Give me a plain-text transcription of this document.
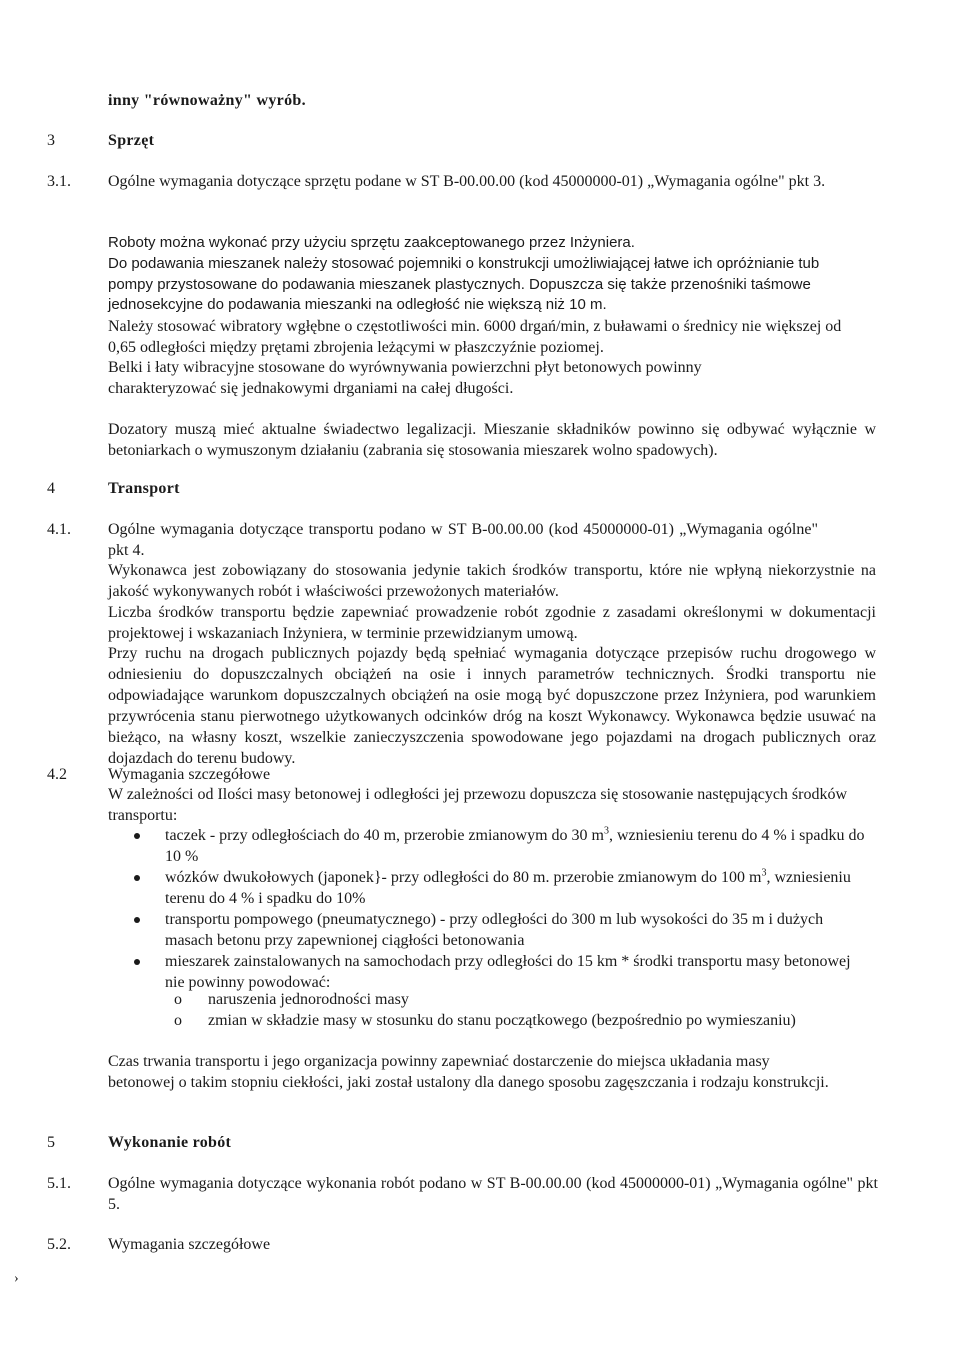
inny "równoważny" wyrób.

3	Sprzęt

3.1. Ogólne wymagania dotyczące sprzętu podane w ST B-00.00.00 (kod 45000000-01) „Wymagania ogólne" pkt 3.

Roboty można wykonać przy użyciu sprzętu zaakceptowanego przez Inżyniera.

Do podawania mieszanek należy stosować pojemniki o konstrukcji umożliwiającej łatwe ich opróżnianie tub pompy przystosowane do podawania mieszanek plastycznych. Dopuszcza się także przenośniki taśmowe jednosekcyjne do podawania mieszanki na odległość nie większą niż 10 m.

Należy stosować wibratory wgłębne o częstotliwości min. 6000 drgań/min, z buławami o średnicy nie większej od 0,65 odległości między prętami zbrojenia leżącymi w płaszczyźnie poziomej.

Belki i łaty wibracyjne stosowane do wyrównywania powierzchni płyt betonowych powinny charakteryzować się jednakowymi drganiami na całej długości.

Dozatory muszą mieć aktualne świadectwo legalizacji. Mieszanie składników powinno się odbywać wyłącznie w betoniarkach o wymuszonym działaniu (zabrania się stosowania mieszarek wolno spadowych).

4	Transport

4.1. Ogólne wymagania dotyczące transportu podano w ST B-00.00.00 (kod 45000000-01) „Wymagania ogólne" pkt 4.

Wykonawca jest zobowiązany do stosowania jedynie takich środków transportu, które nie wpłyną niekorzystnie na jakość wykonywanych robót i właściwości przewożonych materiałów.

Liczba środków transportu będzie zapewniać prowadzenie robót zgodnie z zasadami określonymi w dokumentacji projektowej i wskazaniach Inżyniera, w terminie przewidzianym umową.

Przy ruchu na drogach publicznych pojazdy będą spełniać wymagania dotyczące przepisów ruchu drogowego w odniesieniu do dopuszczalnych obciążeń na osie i innych parametrów technicznych. Środki transportu nie odpowiadające warunkom dopuszczalnych obciążeń na osie mogą być dopuszczone przez Inżyniera, pod warunkiem przywrócenia stanu pierwotnego użytkowanych odcinków dróg na koszt Wykonawcy. Wykonawca będzie usuwać na bieżąco, na własny koszt, wszelkie zanieczyszczenia spowodowane jego pojazdami na drogach publicznych oraz dojazdach do terenu budowy.

4.2	Wymagania szczegółowe

W zależności od Ilości masy betonowej i odległości jej przewozu dopuszcza się stosowanie następujących środków transportu:

taczek - przy odległościach do 40 m, przerobie zmianowym do 30 $m^3$, wzniesieniu terenu do 4 % i spadku do 10 %
wózków dwukołowych (japonek}- przy odległości do 80 m. przerobie zmianowym do 100 $m^3$, wzniesieniu terenu do 4 % i spadku do 10%
transportu pompowego (pneumatycznego) - przy odległości do 300 m lub wysokości do 35 m i dużych masach betonu przy zapewnionej ciągłości betonowania
mieszarek zainstalowanych na samochodach przy odległości do 15 km * środki transportu masy betonowej nie powinny powodować:
o naruszenia jednorodności masy
o zmian w składzie masy w stosunku do stanu początkowego (bezpośrednio po wymieszaniu)

Czas trwania transportu i jego organizacja powinny zapewniać dostarczenie do miejsca układania masy betonowej o takim stopniu ciekłości, jaki został ustalony dla danego sposobu zagęszczania i rodzaju konstrukcji.

5	Wykonanie robót

5.1. Ogólne wymagania dotyczące wykonania robót podano w ST B-00.00.00 (kod 45000000-01) „Wymagania ogólne" pkt 5.

5.2. Wymagania szczegółowe

›
